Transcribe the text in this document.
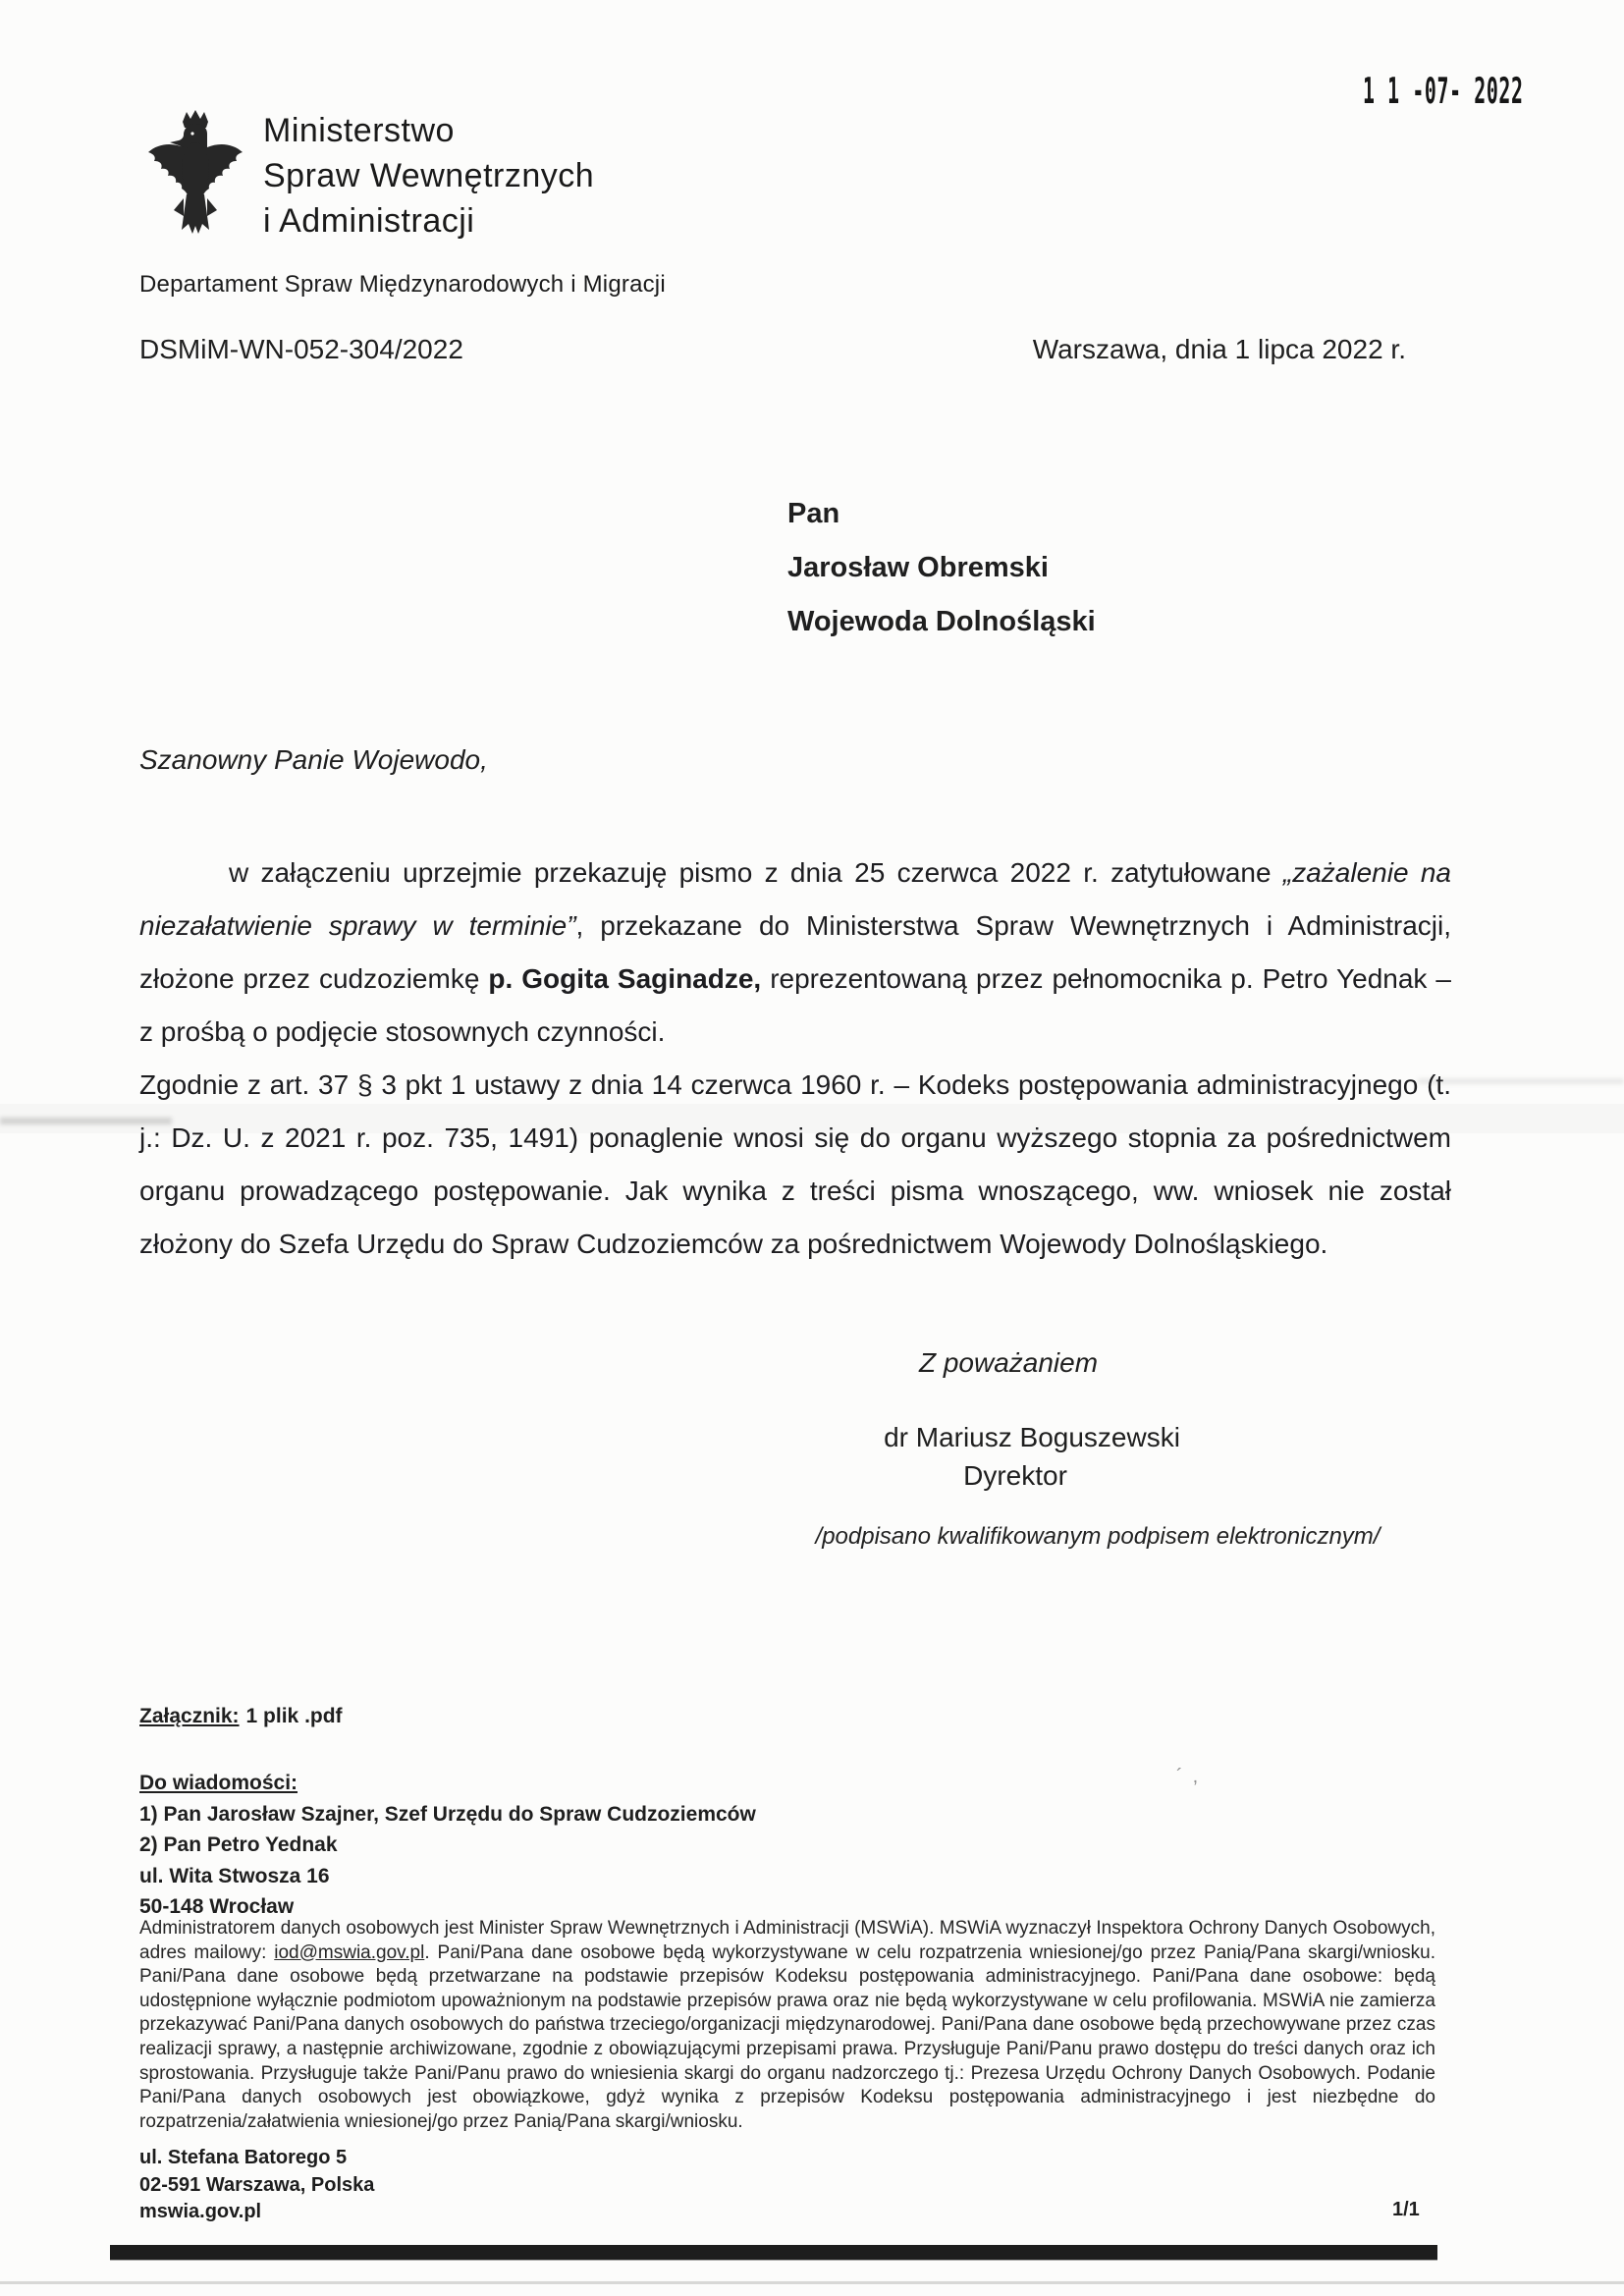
1 1 -07- 2022
Ministerstwo
Spraw Wewnętrznych
i Administracji
Departament Spraw Międzynarodowych i Migracji
DSMiM-WN-052-304/2022	Warszawa, dnia 1 lipca 2022 r.
Pan
Jarosław Obremski
Wojewoda Dolnośląski
Szanowny Panie Wojewodo,

w załączeniu uprzejmie przekazuję pismo z dnia 25 czerwca 2022 r. zatytułowane „zażalenie na niezałatwienie sprawy w terminie”, przekazane do Ministerstwa Spraw Wewnętrznych i Administracji, złożone przez cudzoziemkę p. Gogita Saginadze, reprezentowaną przez pełnomocnika p. Petro Yednak – z prośbą o podjęcie stosownych czynności.

Zgodnie z art. 37 § 3 pkt 1 ustawy z dnia 14 czerwca 1960 r. – Kodeks postępowania administracyjnego (t. j.: Dz. U. z 2021 r. poz. 735, 1491) ponaglenie wnosi się do organu wyższego stopnia za pośrednictwem organu prowadzącego postępowanie. Jak wynika z treści pisma wnoszącego, ww. wniosek nie został złożony do Szefa Urzędu do Spraw Cudzoziemców za pośrednictwem Wojewody Dolnośląskiego.

Z poważaniem
dr Mariusz Boguszewski
Dyrektor
/podpisano kwalifikowanym podpisem elektronicznym/
Załącznik: 1 plik .pdf
Do wiadomości:
1) Pan Jarosław Szajner, Szef Urzędu do Spraw Cudzoziemców
2) Pan Petro Yednak
ul. Wita Stwosza 16
50-148 Wrocław
Administratorem danych osobowych jest Minister Spraw Wewnętrznych i Administracji (MSWiA). MSWiA wyznaczył Inspektora Ochrony Danych Osobowych, adres mailowy: iod@mswia.gov.pl. Pani/Pana dane osobowe będą wykorzystywane w celu rozpatrzenia wniesionej/go przez Panią/Pana skargi/wniosku. Pani/Pana dane osobowe będą przetwarzane na podstawie przepisów Kodeksu postępowania administracyjnego. Pani/Pana dane osobowe: będą udostępnione wyłącznie podmiotom upoważnionym na podstawie przepisów prawa oraz nie będą wykorzystywane w celu profilowania. MSWiA nie zamierza przekazywać Pani/Pana danych osobowych do państwa trzeciego/organizacji międzynarodowej. Pani/Pana dane osobowe będą przechowywane przez czas realizacji sprawy, a następnie archiwizowane, zgodnie z obowiązującymi przepisami prawa. Przysługuje Pani/Panu prawo dostępu do treści danych oraz ich sprostowania. Przysługuje także Pani/Panu prawo do wniesienia skargi do organu nadzorczego tj.: Prezesa Urzędu Ochrony Danych Osobowych. Podanie Pani/Pana danych osobowych jest obowiązkowe, gdyż wynika z przepisów Kodeksu postępowania administracyjnego i jest niezbędne do rozpatrzenia/załatwienia wniesionej/go przez Panią/Pana skargi/wniosku.
ul. Stefana Batorego 5
02-591 Warszawa, Polska
mswia.gov.pl	1/1
´,
